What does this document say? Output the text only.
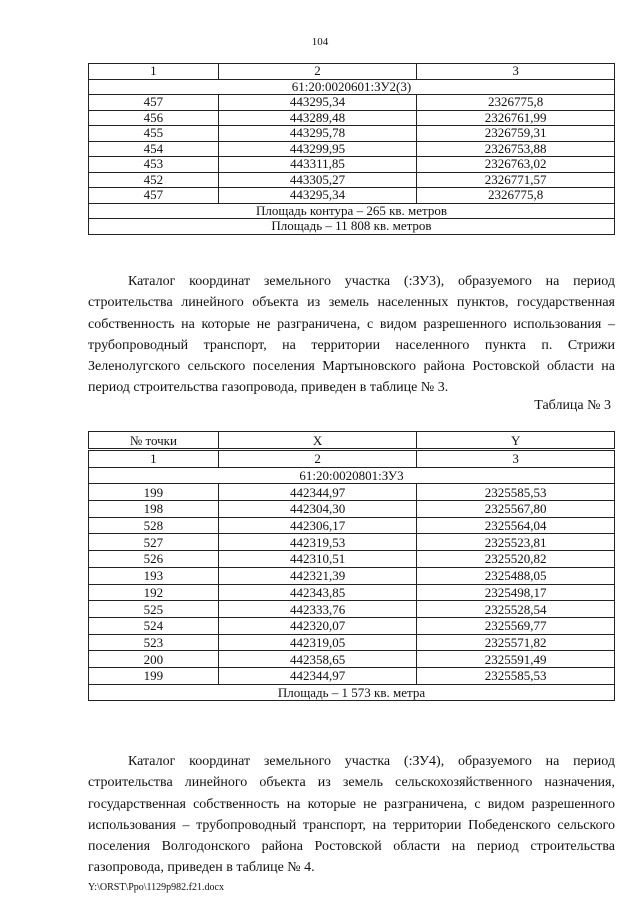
104
1	2	3
61:20:0020601:ЗУ2(3)		
457	443295,34	2326775,8
456	443289,48	2326761,99
455	443295,78	2326759,31
454	443299,95	2326753,88
453	443311,85	2326763,02
452	443305,27	2326771,57
457	443295,34	2326775,8
Площадь контура – 265 кв. метров		
Площадь – 11 808 кв. метров		

Каталог координат земельного участка (:ЗУ3), образуемого на период строительства линейного объекта из земель населенных пунктов, государственная собственность на которые не разграничена, с видом разрешенного использования – трубопроводный транспорт, на территории населенного пункта п. Стрижи Зеленолугского сельского поселения Мартыновского района Ростовской области на период строительства газопровода, приведен в таблице № 3.

Таблица № 3
№ точки	X	Y
1	2	3
61:20:0020801:ЗУ3		
199	442344,97	2325585,53
198	442304,30	2325567,80
528	442306,17	2325564,04
527	442319,53	2325523,81
526	442310,51	2325520,82
193	442321,39	2325488,05
192	442343,85	2325498,17
525	442333,76	2325528,54
524	442320,07	2325569,77
523	442319,05	2325571,82
200	442358,65	2325591,49
199	442344,97	2325585,53
Площадь – 1 573 кв. метра		

Каталог координат земельного участка (:ЗУ4), образуемого на период строительства линейного объекта из земель сельскохозяйственного назначения, государственная собственность на которые не разграничена, с видом разрешенного использования – трубопроводный транспорт, на территории Победенского сельского поселения Волгодонского района Ростовской области на период строительства газопровода, приведен в таблице № 4.

Y:\ORST\Ppo\1129p982.f21.docx
